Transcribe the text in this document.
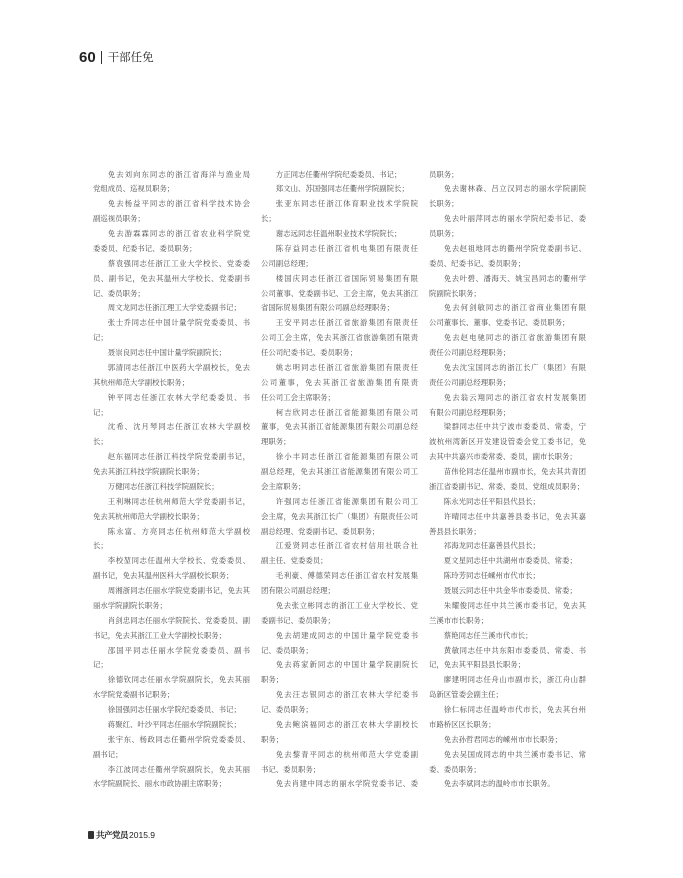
60 干部任免
免去刘向东同志的浙江省海洋与渔业局
党组成员、巡视员职务；
免去杨益平同志的浙江省科学技术协会
副巡视员职务；
免去游霖霖同志的浙江省农业科学院党
委委员、纪委书记、委员职务；
蔡袁强同志任浙江工业大学校长、党委委
员、副书记，免去其温州大学校长、党委副书
记、委员职务；
周文龙同志任浙江理工大学党委副书记；
张士乔同志任中国计量学院党委委员、书
记；
聂崇良同志任中国计量学院副院长；
郭清同志任浙江中医药大学副校长，免去
其杭州师范大学副校长职务；
钟平同志任浙江农林大学纪委委员、书
记；
沈希、沈月琴同志任浙江农林大学副校
长；
赵东福同志任浙江科技学院党委副书记，
免去其浙江科技学院副院长职务；
万健同志任浙江科技学院副院长；
王利琳同志任杭州师范大学党委副书记，
免去其杭州师范大学副校长职务；
陈永富、方亮同志任杭州师范大学副校
长；
李校堃同志任温州大学校长、党委委员、
副书记，免去其温州医科大学副校长职务；
周湘浙同志任丽水学院党委副书记，免去其
丽水学院副院长职务；
肖剑忠同志任丽水学院院长、党委委员、副
书记，免去其浙江工业大学副校长职务；
邵国平同志任丽水学院党委委员、副书
记；
徐德钦同志任丽水学院副院长，免去其丽
水学院党委副书记职务；
徐国强同志任丽水学院纪委委员、书记；
蒋聚红、叶沙平同志任丽水学院副院长；
张宇东、杨政同志任衢州学院党委委员、
副书记；
李江波同志任衢州学院副院长，免去其丽
水学院副院长、丽水市政协副主席职务；
方正同志任衢州学院纪委委员、书记；
郑文山、苏国强同志任衢州学院副院长；
张亚东同志任浙江体育职业技术学院院
长；
谢志远同志任温州职业技术学院院长；
陈存益同志任浙江省机电集团有限责任
公司副总经理；
楼国庆同志任浙江省国际贸易集团有限
公司董事、党委副书记、工会主席，免去其浙江
省国际贸易集团有限公司副总经理职务；
王安平同志任浙江省旅游集团有限责任
公司工会主席，免去其浙江省旅游集团有限责
任公司纪委书记、委员职务；
姚志明同志任浙江省旅游集团有限责任
公司董事，免去其浙江省旅游集团有限责
任公司工会主席职务；
柯吉欣同志任浙江省能源集团有限公司
董事，免去其浙江省能源集团有限公司副总经
理职务；
徐小丰同志任浙江省能源集团有限公司
副总经理，免去其浙江省能源集团有限公司工
会主席职务；
许强同志任浙江省能源集团有限公司工
会主席，免去其浙江长广（集团）有限责任公司
副总经理、党委副书记、委员职务；
江爱贤同志任浙江省农村信用社联合社
副主任、党委委员；
毛利豪、傅德荣同志任浙江省农村发展集
团有限公司副总经理；
免去张立彬同志的浙江工业大学校长、党
委副书记、委员职务；
免去胡建成同志的中国计量学院党委书
记、委员职务；
免去蒋家新同志的中国计量学院副院长
职务；
免去汪志银同志的浙江农林大学纪委书
记、委员职务；
免去鲍滨福同志的浙江农林大学副校长
职务；
免去黎青平同志的杭州师范大学党委副
书记、委员职务；
免去肖建中同志的丽水学院党委书记、委
员职务；
免去谢林森、吕立汉同志的丽水学院副院
长职务；
免去叶丽萍同志的丽水学院纪委书记、委
员职务；
免去赵祖地同志的衢州学院党委副书记、
委员、纪委书记、委员职务；
免去叶碧、潘海天、姚宝昌同志的衢州学
院副院长职务；
免去何剑敏同志的浙江省商业集团有限
公司董事长、董事、党委书记、委员职务；
免去赵电驰同志的浙江省旅游集团有限
责任公司副总经理职务；
免去沈宝国同志的浙江长广（集团）有限
责任公司副总经理职务；
免去翁云翔同志的浙江省农村发展集团
有限公司副总经理职务；
梁群同志任中共宁波市委委员、常委，宁
波杭州湾新区开发建设管委会党工委书记，免
去其中共嘉兴市委常委、委员，副市长职务；
苗伟伦同志任温州市副市长，免去其共青团
浙江省委副书记、常委、委员、党组成员职务；
陈永光同志任平阳县代县长；
许晴同志任中共嘉善县委书记，免去其嘉
善县县长职务；
祁海龙同志任嘉善县代县长；
夏文星同志任中共湖州市委委员、常委；
陈玲芳同志任嵊州市代市长；
聂展云同志任中共金华市委委员、常委；
朱耀俊同志任中共兰溪市委书记，免去其
兰溪市市长职务；
蔡艳同志任兰溪市代市长；
黄敏同志任中共东阳市委委员、常委、书
记，免去其平阳县县长职务；
廖建明同志任舟山市副市长，浙江舟山群
岛新区管委会副主任；
徐仁标同志任温岭市代市长，免去其台州
市路桥区区长职务；
免去孙哲君同志的嵊州市市长职务；
免去吴国成同志的中共兰溪市委书记、常
委、委员职务；
免去李斌同志的温岭市市长职务。
共产党员 2015.9
